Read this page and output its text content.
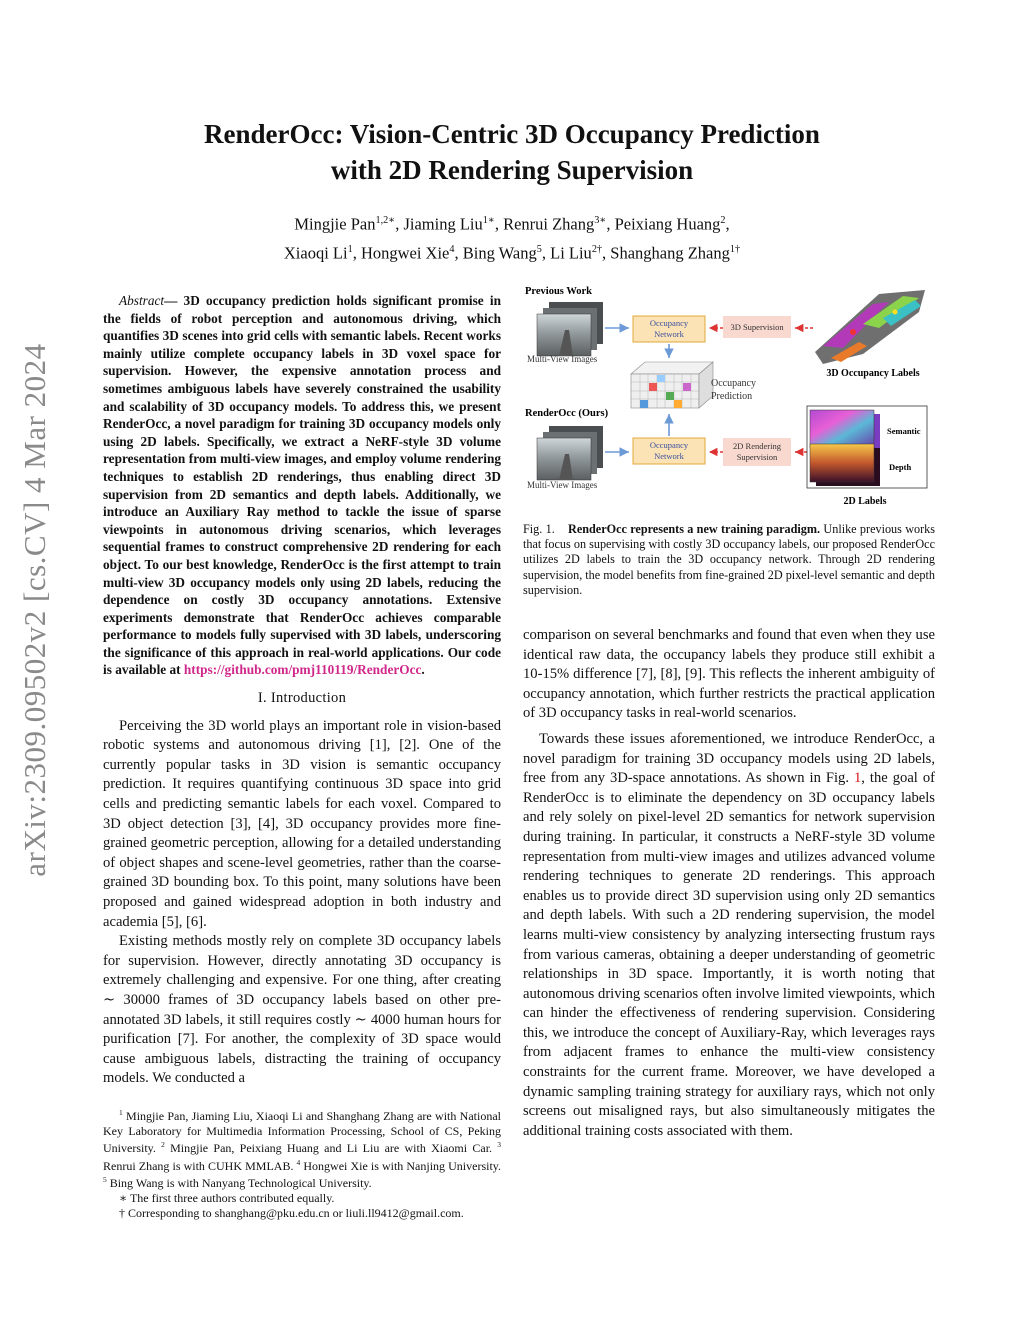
arXiv:2309.09502v2 [cs.CV] 4 Mar 2024
RenderOcc: Vision-Centric 3D Occupancy Prediction
with 2D Rendering Supervision
Mingjie Pan$^{1,2∗}$, Jiaming Liu$^{1∗}$, Renrui Zhang$^{3∗}$, Peixiang Huang$^2$,
Xiaoqi Li$^1$, Hongwei Xie$^4$, Bing Wang$^5$, Li Liu$^{2\dagger}$, Shanghang Zhang$^{1\dagger}$

Abstract— 3D occupancy prediction holds significant promise in the fields of robot perception and autonomous driving, which quantifies 3D scenes into grid cells with semantic labels. Recent works mainly utilize complete occupancy labels in 3D voxel space for supervision. However, the expensive annotation process and sometimes ambiguous labels have severely constrained the usability and scalability of 3D occupancy models. To address this, we present RenderOcc, a novel paradigm for training 3D occupancy models only using 2D labels. Specifically, we extract a NeRF-style 3D volume representation from multi-view images, and employ volume rendering techniques to establish 2D renderings, thus enabling direct 3D supervision from 2D semantics and depth labels. Additionally, we introduce an Auxiliary Ray method to tackle the issue of sparse viewpoints in autonomous driving scenarios, which leverages sequential frames to construct comprehensive 2D rendering for each object. To our best knowledge, RenderOcc is the first attempt to train multi-view 3D occupancy models only using 2D labels, reducing the dependence on costly 3D occupancy annotations. Extensive experiments demonstrate that RenderOcc achieves comparable performance to models fully supervised with 3D labels, underscoring the significance of this approach in real-world applications. Our code is available at https://github.com/pmj110119/RenderOcc.

I. Introduction

Perceiving the 3D world plays an important role in vision-based robotic systems and autonomous driving [1], [2]. One of the currently popular tasks in 3D vision is semantic occupancy prediction. It requires quantifying continuous 3D space into grid cells and predicting semantic labels for each voxel. Compared to 3D object detection [3], [4], 3D occupancy provides more fine-grained geometric perception, allowing for a detailed understanding of object shapes and scene-level geometries, rather than the coarse-grained 3D bounding box. To this point, many solutions have been proposed and gained widespread adoption in both industry and academia [5], [6].

Existing methods mostly rely on complete 3D occupancy labels for supervision. However, directly annotating 3D occupancy is extremely challenging and expensive. For one thing, after creating ∼ 30000 frames of 3D occupancy labels based on other pre-annotated 3D labels, it still requires costly ∼ 4000 human hours for purification [7]. For another, the complexity of 3D space would cause ambiguous labels, distracting the training of occupancy models. We conducted a

$^1$ Mingjie Pan, Jiaming Liu, Xiaoqi Li and Shanghang Zhang are with National Key Laboratory for Multimedia Information Processing, School of CS, Peking University. $^2$ Mingjie Pan, Peixiang Huang and Li Liu are with Xiaomi Car. $^3$ Renrui Zhang is with CUHK MMLAB. $^4$ Hongwei Xie is with Nanjing University. $^5$ Bing Wang is with Nanyang Technological University.

∗ The first three authors contributed equally.

† Corresponding to shanghang@pku.edu.cn or liuli.ll9412@gmail.com.

Previous Work
RenderOcc (Ours)
Multi-View Images
Multi-View Images
Occupancy
Network
Occupancy
Network
Occupancy
Prediction
3D Supervision
2D Rendering
Supervision
3D Occupancy Labels
Semantic
Depth
2D Labels
Fig. 1. RenderOcc represents a new training paradigm. Unlike previous works that focus on supervising with costly 3D occupancy labels, our proposed RenderOcc utilizes 2D labels to train the 3D occupancy network. Through 2D rendering supervision, the model benefits from fine-grained 2D pixel-level semantic and depth supervision.

comparison on several benchmarks and found that even when they use identical raw data, the occupancy labels they produce still exhibit a 10-15% difference [7], [8], [9]. This reflects the inherent ambiguity of occupancy annotation, which further restricts the practical application of 3D occupancy tasks in real-world scenarios.

Towards these issues aforementioned, we introduce RenderOcc, a novel paradigm for training 3D occupancy models using 2D labels, free from any 3D-space annotations. As shown in Fig. 1, the goal of RenderOcc is to eliminate the dependency on 3D occupancy labels and rely solely on pixel-level 2D semantics for network supervision during training. In particular, it constructs a NeRF-style 3D volume representation from multi-view images and utilizes advanced volume rendering techniques to generate 2D renderings. This approach enables us to provide direct 3D supervision using only 2D semantics and depth labels. With such a 2D rendering supervision, the model learns multi-view consistency by analyzing intersecting frustum rays from various cameras, obtaining a deeper understanding of geometric relationships in 3D space. Importantly, it is worth noting that autonomous driving scenarios often involve limited viewpoints, which can hinder the effectiveness of rendering supervision. Considering this, we introduce the concept of Auxiliary-Ray, which leverages rays from adjacent frames to enhance the multi-view consistency constraints for the current frame. Moreover, we have developed a dynamic sampling training strategy for auxiliary rays, which not only screens out misaligned rays, but also simultaneously mitigates the additional training costs associated with them.
